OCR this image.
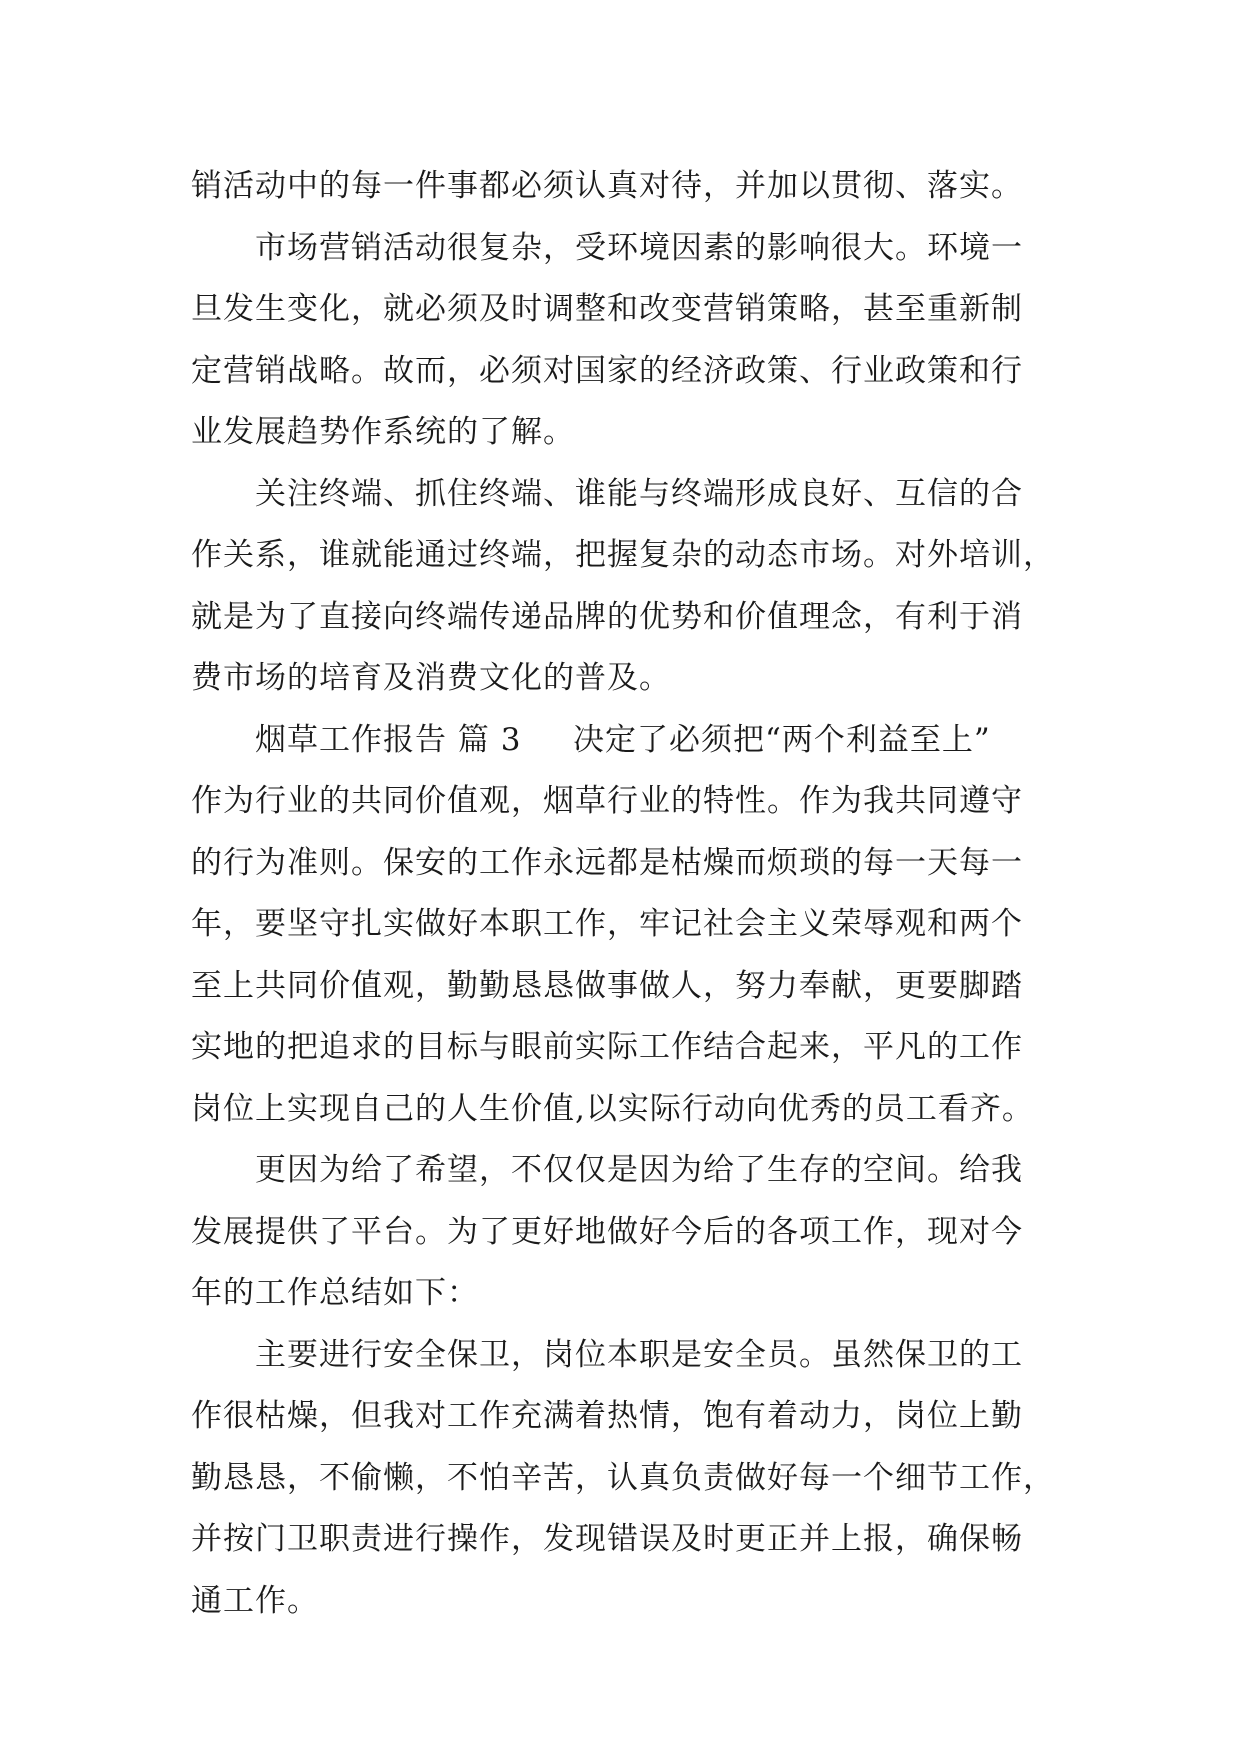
销活动中的每一件事都必须认真对待，并加以贯彻、落实。
市场营销活动很复杂，受环境因素的影响很大。环境一
旦发生变化，就必须及时调整和改变营销策略，甚至重新制
定营销战略。故而，必须对国家的经济政策、行业政策和行
业发展趋势作系统的了解。
关注终端、抓住终端、谁能与终端形成良好、互信的合
作关系，谁就能通过终端，把握复杂的动态市场。对外培训，
就是为了直接向终端传递品牌的优势和价值理念，有利于消
费市场的培育及消费文化的普及。
烟草工作报告 篇 3	决定了必须把“两个利益至上”
作为行业的共同价值观，烟草行业的特性。作为我共同遵守
的行为准则。保安的工作永远都是枯燥而烦琐的每一天每一
年，要坚守扎实做好本职工作，牢记社会主义荣辱观和两个
至上共同价值观，勤勤恳恳做事做人，努力奉献，更要脚踏
实地的把追求的目标与眼前实际工作结合起来，平凡的工作
岗位上实现自己的人生价值,以实际行动向优秀的员工看齐。
更因为给了希望，不仅仅是因为给了生存的空间。给我
发展提供了平台。为了更好地做好今后的各项工作，现对今
年的工作总结如下：
主要进行安全保卫，岗位本职是安全员。虽然保卫的工
作很枯燥，但我对工作充满着热情，饱有着动力，岗位上勤
勤恳恳，不偷懒，不怕辛苦，认真负责做好每一个细节工作，
并按门卫职责进行操作，发现错误及时更正并上报，确保畅
通工作。
